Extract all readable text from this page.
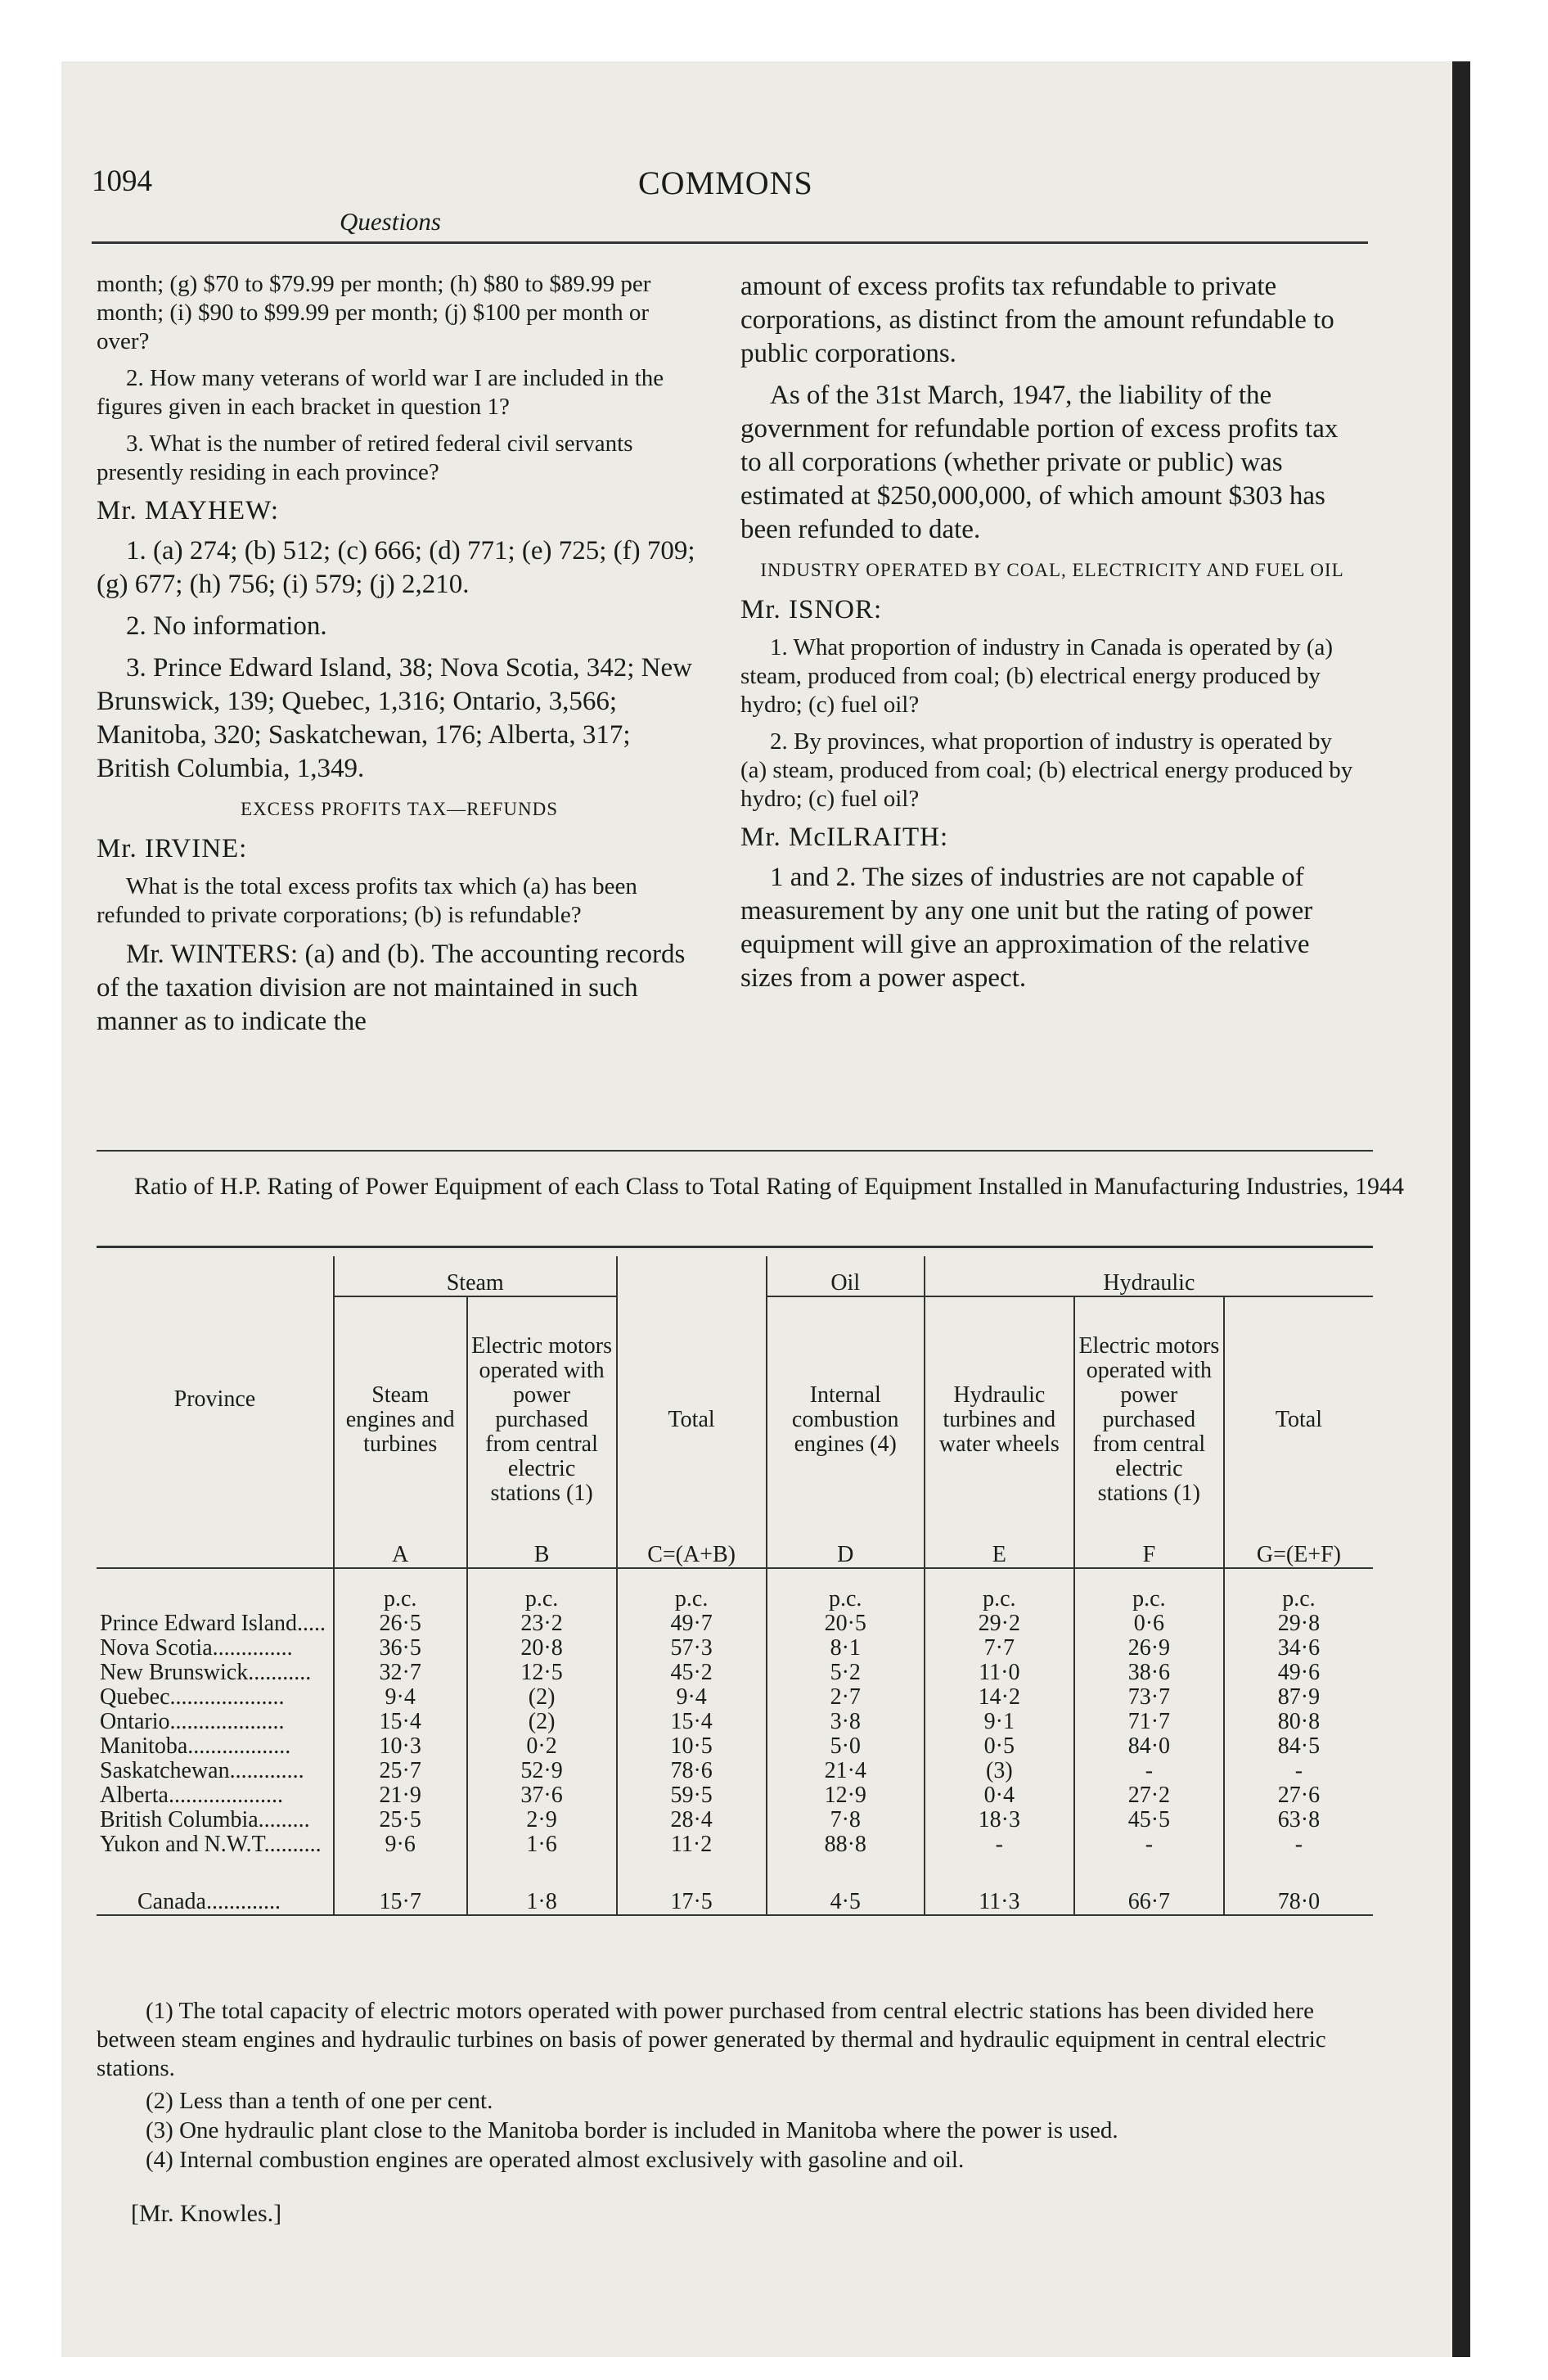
1094	COMMONS
Questions

month; (g) $70 to $79.99 per month; (h) $80 to $89.99 per month; (i) $90 to $99.99 per month; (j) $100 per month or over?

2. How many veterans of world war I are included in the figures given in each bracket in question 1?

3. What is the number of retired federal civil servants presently residing in each province?

Mr. MAYHEW:

1. (a) 274; (b) 512; (c) 666; (d) 771; (e) 725; (f) 709; (g) 677; (h) 756; (i) 579; (j) 2,210.

2. No information.

3. Prince Edward Island, 38; Nova Scotia, 342; New Brunswick, 139; Quebec, 1,316; Ontario, 3,566; Manitoba, 320; Saskatchewan, 176; Alberta, 317; British Columbia, 1,349.

EXCESS PROFITS TAX—REFUNDS

Mr. IRVINE:

What is the total excess profits tax which (a) has been refunded to private corporations; (b) is refundable?

Mr. WINTERS: (a) and (b). The accounting records of the taxation division are not maintained in such manner as to indicate the

amount of excess profits tax refundable to private corporations, as distinct from the amount refundable to public corporations.

As of the 31st March, 1947, the liability of the government for refundable portion of excess profits tax to all corporations (whether private or public) was estimated at $250,000,000, of which amount $303 has been refunded to date.

INDUSTRY OPERATED BY COAL, ELECTRICITY AND FUEL OIL

Mr. ISNOR:

1. What proportion of industry in Canada is operated by (a) steam, produced from coal; (b) electrical energy produced by hydro; (c) fuel oil?

2. By provinces, what proportion of industry is operated by (a) steam, produced from coal; (b) electrical energy produced by hydro; (c) fuel oil?

Mr. McILRAITH:

1 and 2. The sizes of industries are not capable of measurement by any one unit but the rating of power equipment will give an approximation of the relative sizes from a power aspect.

Ratio of H.P. Rating of Power Equipment of each Class to Total Rating of Equipment Installed in Manufacturing Industries, 1944
Province	Steam			Oil	Hydraulic		
	Steam engines and turbines	Electric motors operated with power purchased from central electric stations (1)	Total	Internal combustion engines (4)	Hydraulic turbines and water wheels	Electric motors operated with power purchased from central electric stations (1)	Total
	A	B	C=(A+B)	D	E	F	G=(E+F)
	p.c.	p.c.	p.c.	p.c.	p.c.	p.c.	p.c.
Prince Edward Island.....	26·5	23·2	49·7	20·5	29·2	0·6	29·8
Nova Scotia..............	36·5	20·8	57·3	8·1	7·7	26·9	34·6
New Brunswick...........	32·7	12·5	45·2	5·2	11·0	38·6	49·6
Quebec....................	9·4	(2)	9·4	2·7	14·2	73·7	87·9
Ontario....................	15·4	(2)	15·4	3·8	9·1	71·7	80·8
Manitoba..................	10·3	0·2	10·5	5·0	0·5	84·0	84·5
Saskatchewan.............	25·7	52·9	78·6	21·4	(3)	-	-
Alberta....................	21·9	37·6	59·5	12·9	0·4	27·2	27·6
British Columbia.........	25·5	2·9	28·4	7·8	18·3	45·5	63·8
Yukon and N.W.T..........	9·6	1·6	11·2	88·8	-	-	-
Canada.............	15·7	1·8	17·5	4·5	11·3	66·7	78·0
(1) The total capacity of electric motors operated with power purchased from central electric stations has been divided here between steam engines and hydraulic turbines on basis of power generated by thermal and hydraulic equipment in central electric stations.
(2) Less than a tenth of one per cent.
(3) One hydraulic plant close to the Manitoba border is included in Manitoba where the power is used.
(4) Internal combustion engines are operated almost exclusively with gasoline and oil.
[Mr. Knowles.]
